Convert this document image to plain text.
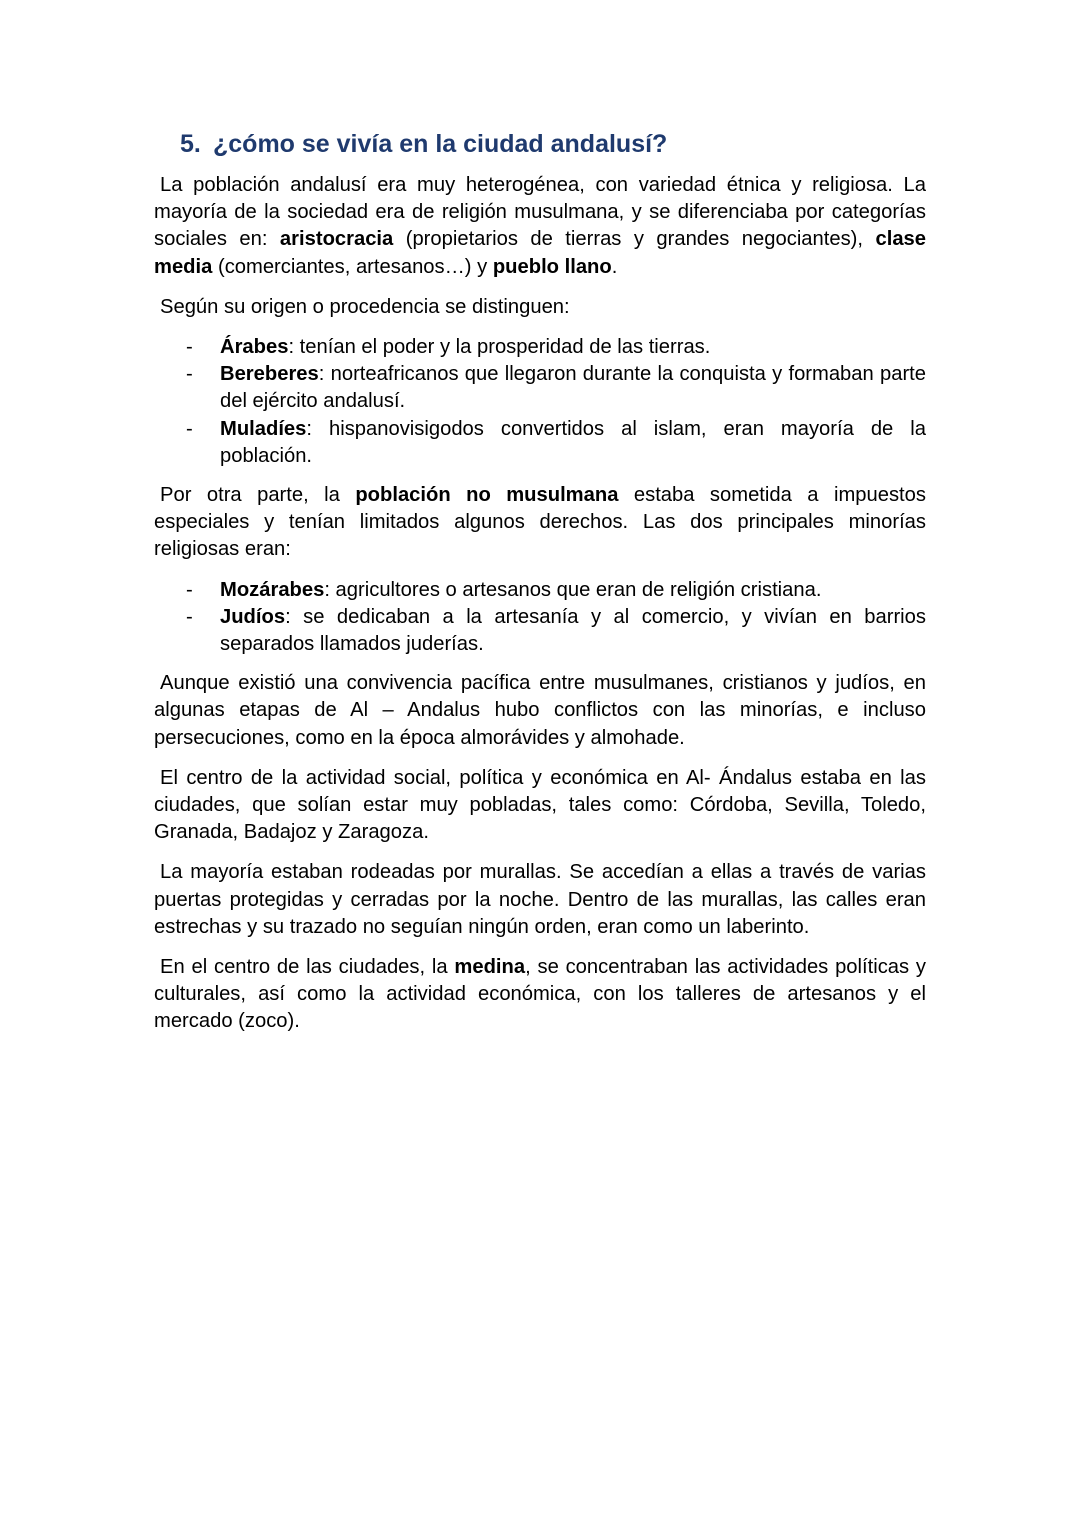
5. ¿cómo se vivía en la ciudad andalusí?

La población andalusí era muy heterogénea, con variedad étnica y religiosa. La mayoría de la sociedad era de religión musulmana, y se diferenciaba por categorías sociales en: aristocracia (propietarios de tierras y grandes negociantes), clase media (comerciantes, artesanos…) y pueblo llano.

Según su origen o procedencia se distinguen:

- Árabes: tenían el poder y la prosperidad de las tierras.
- Bereberes: norteafricanos que llegaron durante la conquista y formaban parte del ejército andalusí.
- Muladíes: hispanovisigodos convertidos al islam, eran mayoría de la población.

Por otra parte, la población no musulmana estaba sometida a impuestos especiales y tenían limitados algunos derechos. Las dos principales minorías religiosas eran:

- Mozárabes: agricultores o artesanos que eran de religión cristiana.
- Judíos: se dedicaban a la artesanía y al comercio, y vivían en barrios separados llamados juderías.

Aunque existió una convivencia pacífica entre musulmanes, cristianos y judíos, en algunas etapas de Al – Andalus hubo conflictos con las minorías, e incluso persecuciones, como en la época almorávides y almohade.

El centro de la actividad social, política y económica en Al- Ándalus estaba en las ciudades, que solían estar muy pobladas, tales como: Córdoba, Sevilla, Toledo, Granada, Badajoz y Zaragoza.

La mayoría estaban rodeadas por murallas. Se accedían a ellas a través de varias puertas protegidas y cerradas por la noche. Dentro de las murallas, las calles eran estrechas y su trazado no seguían ningún orden, eran como un laberinto.

En el centro de las ciudades, la medina, se concentraban las actividades políticas y culturales, así como la actividad económica, con los talleres de artesanos y el mercado (zoco).
